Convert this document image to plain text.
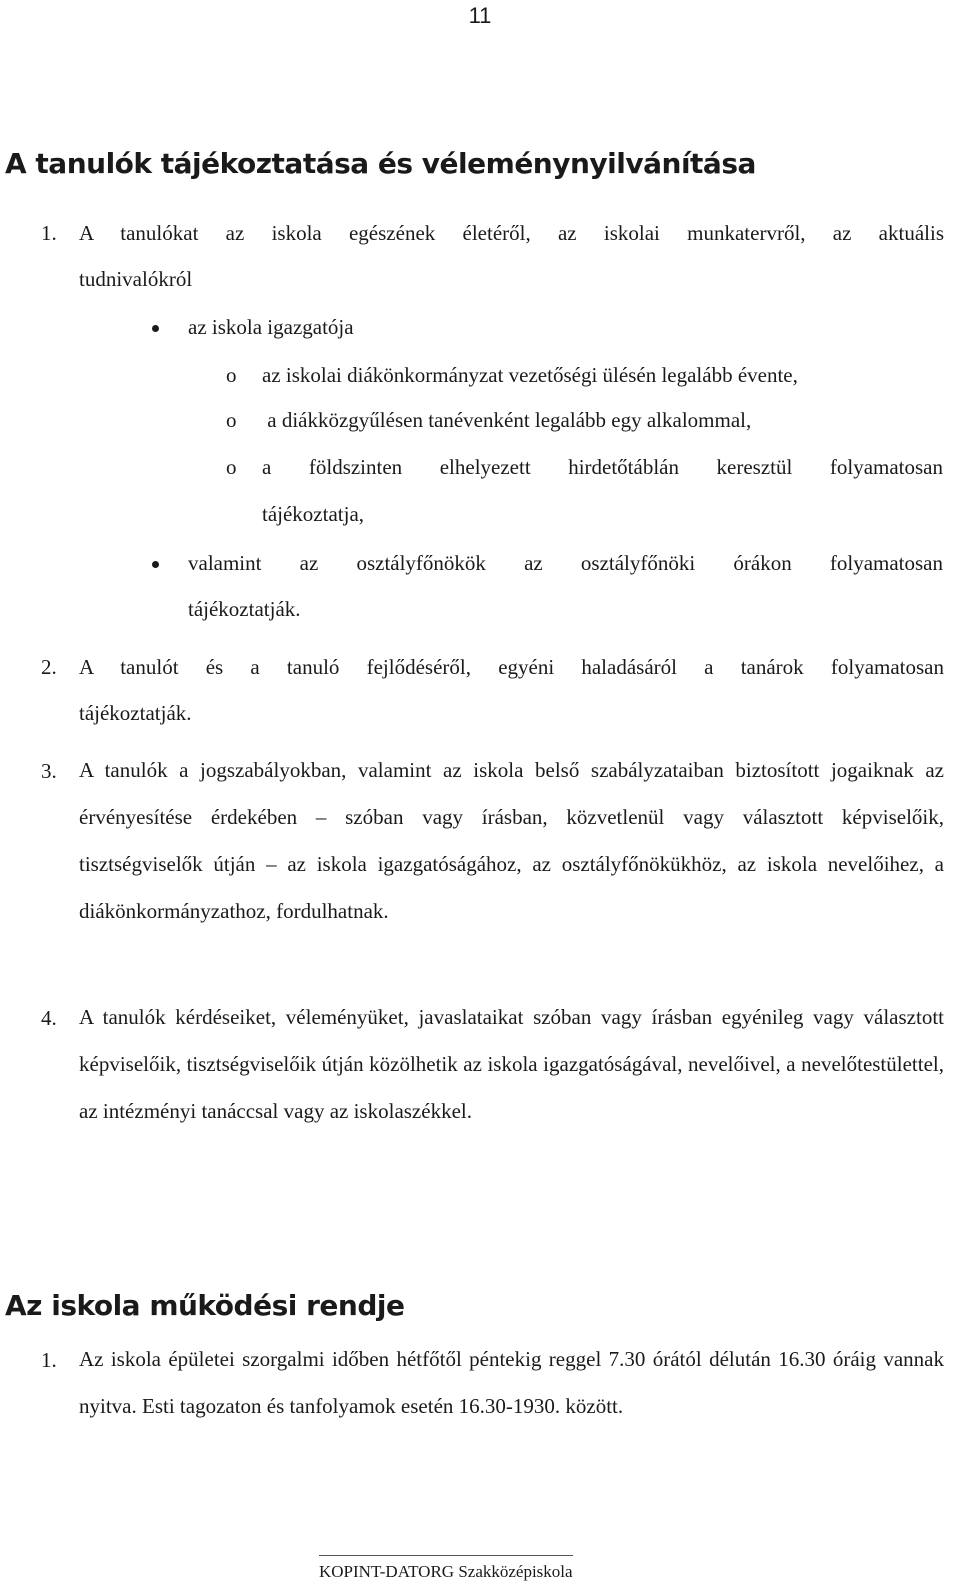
11
A tanulók tájékoztatása és véleménynyilvánítása
1. A tanulókat az iskola egészének életéről, az iskolai munkatervről, az aktuális
tudnivalókról
az iskola igazgatója
o az iskolai diákönkormányzat vezetőségi ülésén legalább évente,
o a diákközgyűlésen tanévenként legalább egy alkalommal,
o a földszinten elhelyezett hirdetőtáblán keresztül folyamatosan
tájékoztatja,
valamint az osztályfőnökök az osztályfőnöki órákon folyamatosan
tájékoztatják.
2. A tanulót és a tanuló fejlődéséről, egyéni haladásáról a tanárok folyamatosan
tájékoztatják.
3. A tanulók a jogszabályokban, valamint az iskola belső szabályzataiban biztosított jogaiknak az érvényesítése érdekében – szóban vagy írásban, közvetlenül vagy választott képviselőik, tisztségviselők útján – az iskola igazgatóságához, az osztályfőnökükhöz, az iskola nevelőihez, a diákönkormányzathoz, fordulhatnak.

4. A tanulók kérdéseiket, véleményüket, javaslataikat szóban vagy írásban egyénileg vagy választott képviselőik, tisztségviselőik útján közölhetik az iskola igazgatóságával, nevelőivel, a nevelőtestülettel, az intézményi tanáccsal vagy az iskolaszékkel.

Az iskola működési rendje
1. Az iskola épületei szorgalmi időben hétfőtől péntekig reggel 7.30 órától délután 16.30 óráig vannak nyitva. Esti tagozaton és tanfolyamok esetén 16.30-1930. között.

KOPINT-DATORG Szakközépiskola
